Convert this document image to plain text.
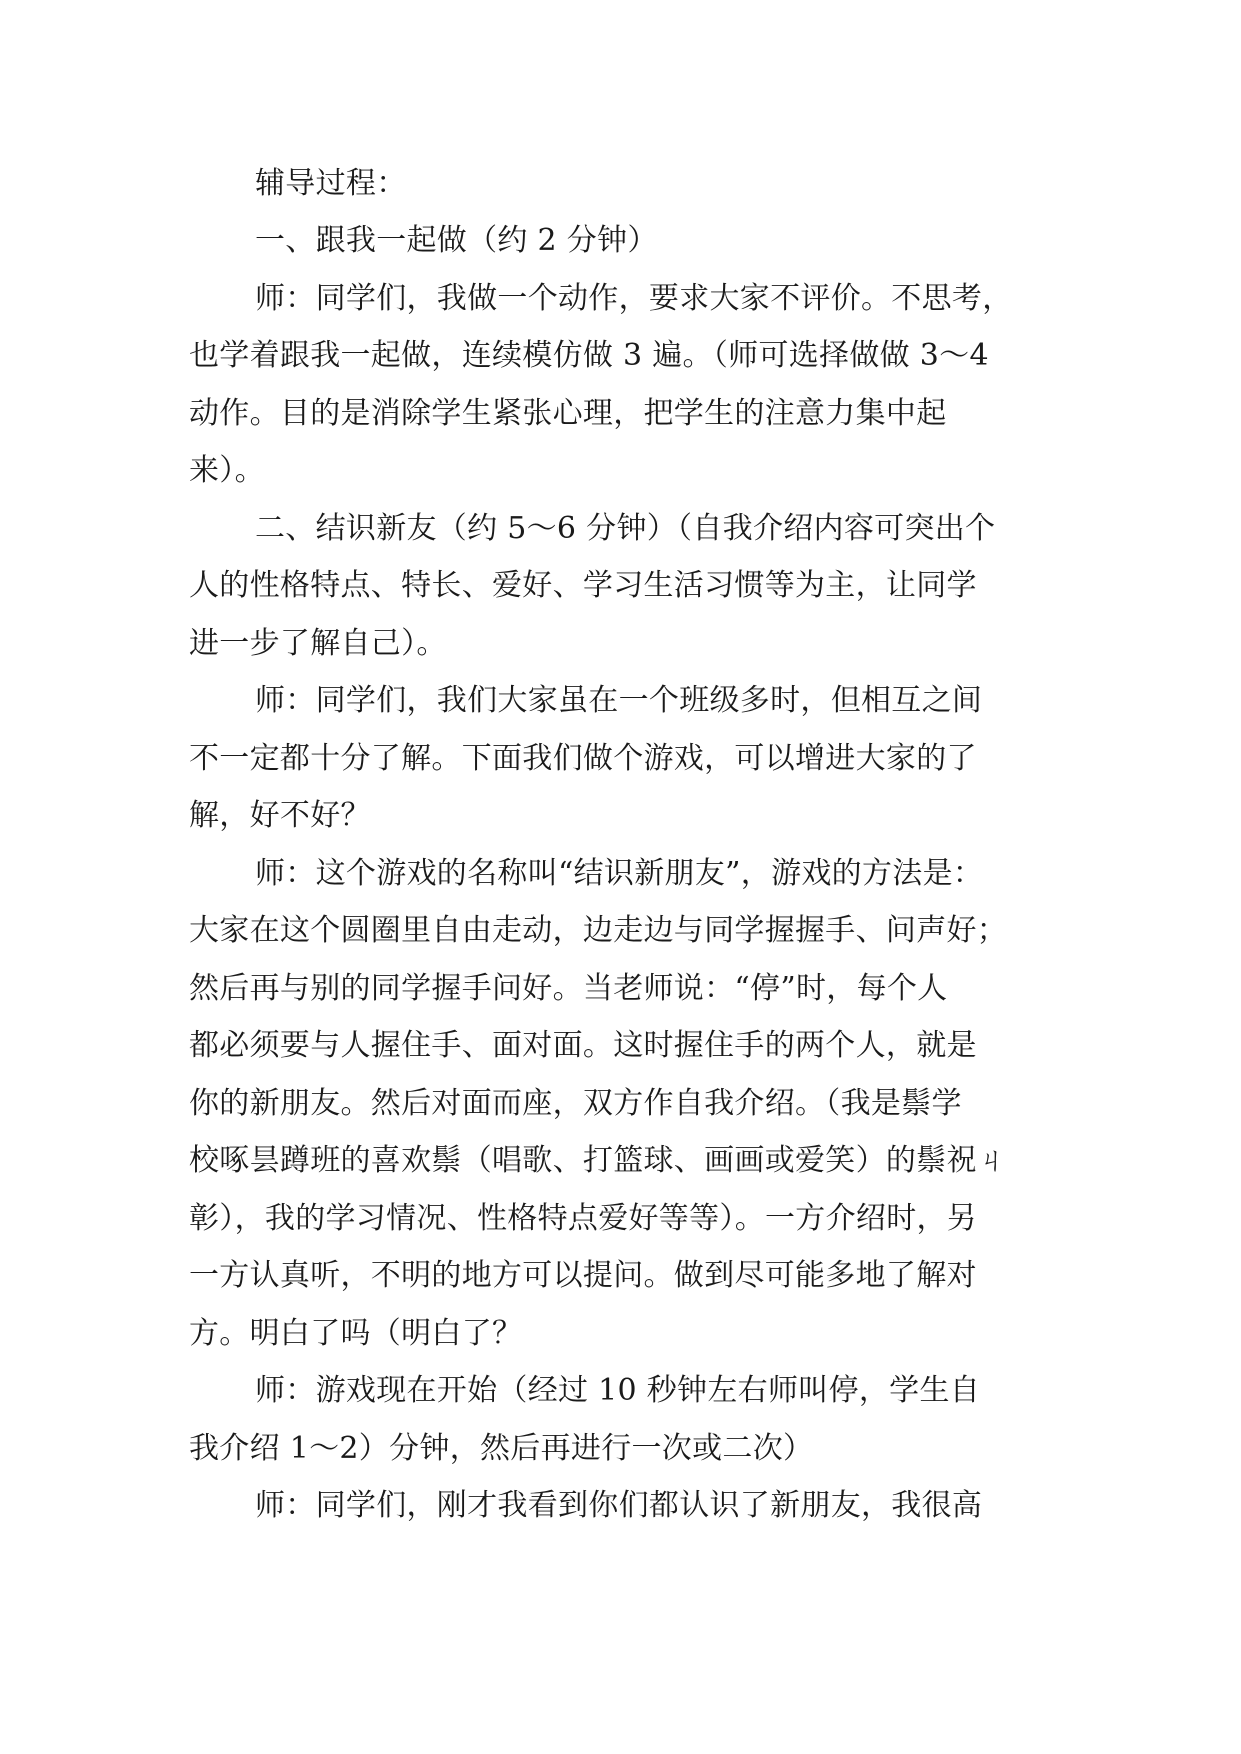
辅导过程：
一、跟我一起做（约 2 分钟）
师：同学们，我做一个动作，要求大家不评价。不思考，
也学着跟我一起做，连续模仿做 3 遍。（师可选择做做 3～4
动作。目的是消除学生紧张心理，把学生的注意力集中起
来）。
二、结识新友（约 5～6 分钟）（自我介绍内容可突出个
人的性格特点、特长、爱好、学习生活习惯等为主，让同学
进一步了解自己）。
师：同学们，我们大家虽在一个班级多时，但相互之间
不一定都十分了解。下面我们做个游戏，可以增进大家的了
解，好不好？
师：这个游戏的名称叫“结识新朋友”，游戏的方法是：
大家在这个圆圈里自由走动，边走边与同学握握手、问声好；
然后再与别的同学握手问好。当老师说：“停”时，每个人
都必须要与人握住手、面对面。这时握住手的两个人，就是
你的新朋友。然后对面而座，双方作自我介绍。（我是鬃学
校啄昙蹲班的喜欢鬃（唱歌、打篮球、画画或爱笑）的鬃祝ㄐ
彰），我的学习情况、性格特点爱好等等）。一方介绍时，另
一方认真听，不明的地方可以提问。做到尽可能多地了解对
方。明白了吗（明白了？
师：游戏现在开始（经过 10 秒钟左右师叫停，学生自
我介绍 1～2）分钟，然后再进行一次或二次）
师：同学们，刚才我看到你们都认识了新朋友，我很高
